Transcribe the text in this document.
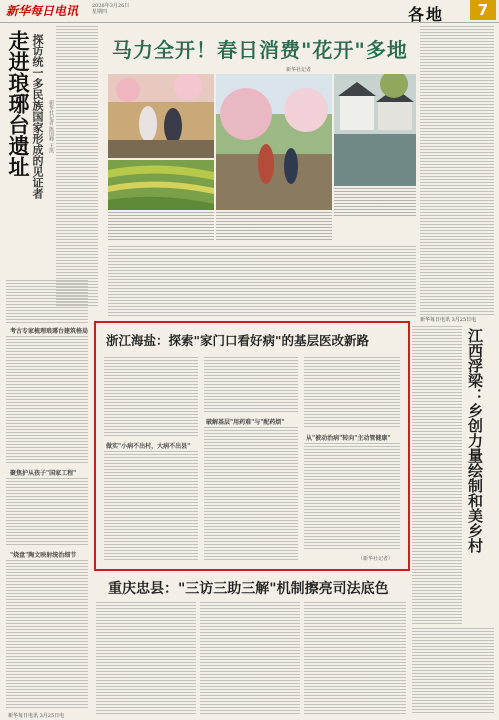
新华每日电讯	2026年3月26日
星期四	各地	7
走进琅琊台遗址 探访统一多民族国家形成的见证者 新华社记者 陈国峰 王凯
考古专家梳理琅琊台建筑格局
聚焦护从孩子"国家工程"
"烧盘"陶文映射统治细节
新华每日电讯 3月25日电
马力全开！春日消费"花开"多地
新华社记者
浙江海盐：探索"家门口看好病"的基层医改新路
做实"小病不出村，大病不出县"
破解基层"用药难"与"配药烦"
从"被动治病"转向"主动管健康"
（新华社记者）
新华每日电讯 3月25日电
江西浮梁：乡创力量绘制和美乡村
重庆忠县："三访三助三解"机制擦亮司法底色
